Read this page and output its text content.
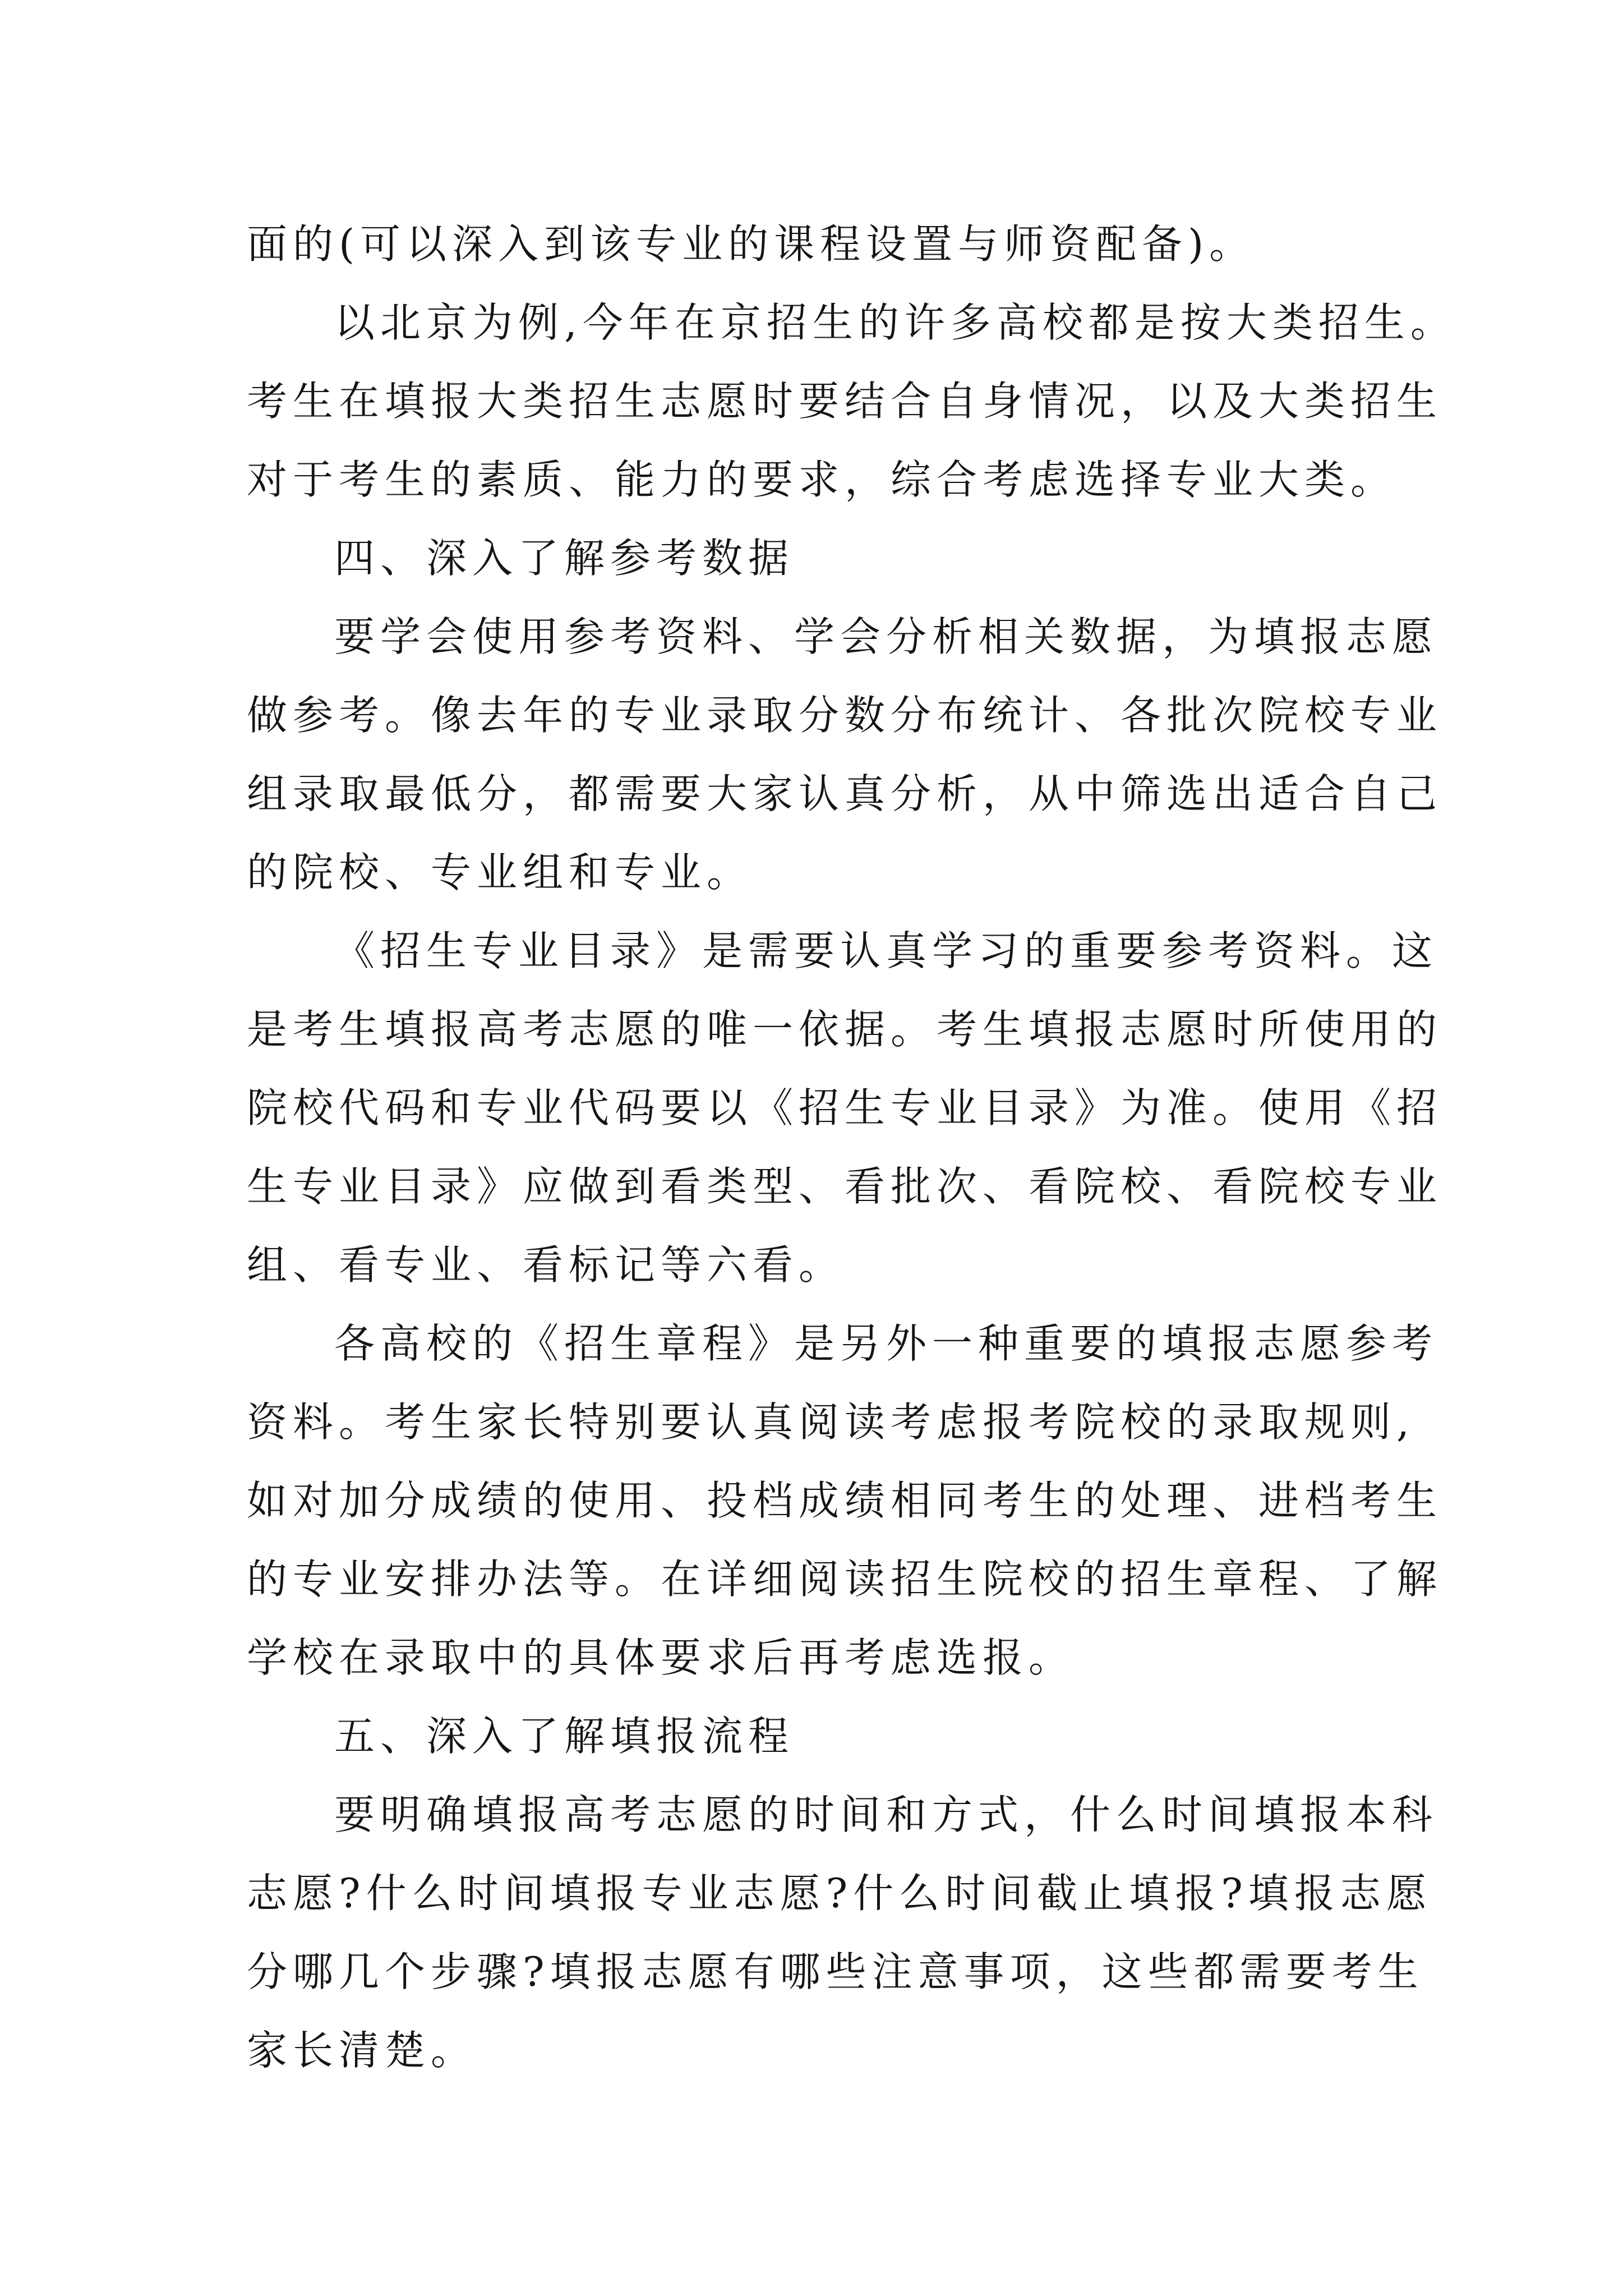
面的(可以深入到该专业的课程设置与师资配备)。

以北京为例,今年在京招生的许多高校都是按大类招生。

考生在填报大类招生志愿时要结合自身情况，以及大类招生

对于考生的素质、能力的要求，综合考虑选择专业大类。

四、深入了解参考数据

要学会使用参考资料、学会分析相关数据，为填报志愿

做参考。像去年的专业录取分数分布统计、各批次院校专业

组录取最低分，都需要大家认真分析，从中筛选出适合自己

的院校、专业组和专业。

《招生专业目录》是需要认真学习的重要参考资料。这

是考生填报高考志愿的唯一依据。考生填报志愿时所使用的

院校代码和专业代码要以《招生专业目录》为准。使用《招

生专业目录》应做到看类型、看批次、看院校、看院校专业

组、看专业、看标记等六看。

各高校的《招生章程》是另外一种重要的填报志愿参考

资料。考生家长特别要认真阅读考虑报考院校的录取规则,

如对加分成绩的使用、投档成绩相同考生的处理、进档考生

的专业安排办法等。在详细阅读招生院校的招生章程、了解

学校在录取中的具体要求后再考虑选报。

五、深入了解填报流程

要明确填报高考志愿的时间和方式，什么时间填报本科

志愿?什么时间填报专业志愿?什么时间截止填报?填报志愿

分哪几个步骤?填报志愿有哪些注意事项，这些都需要考生

家长清楚。
